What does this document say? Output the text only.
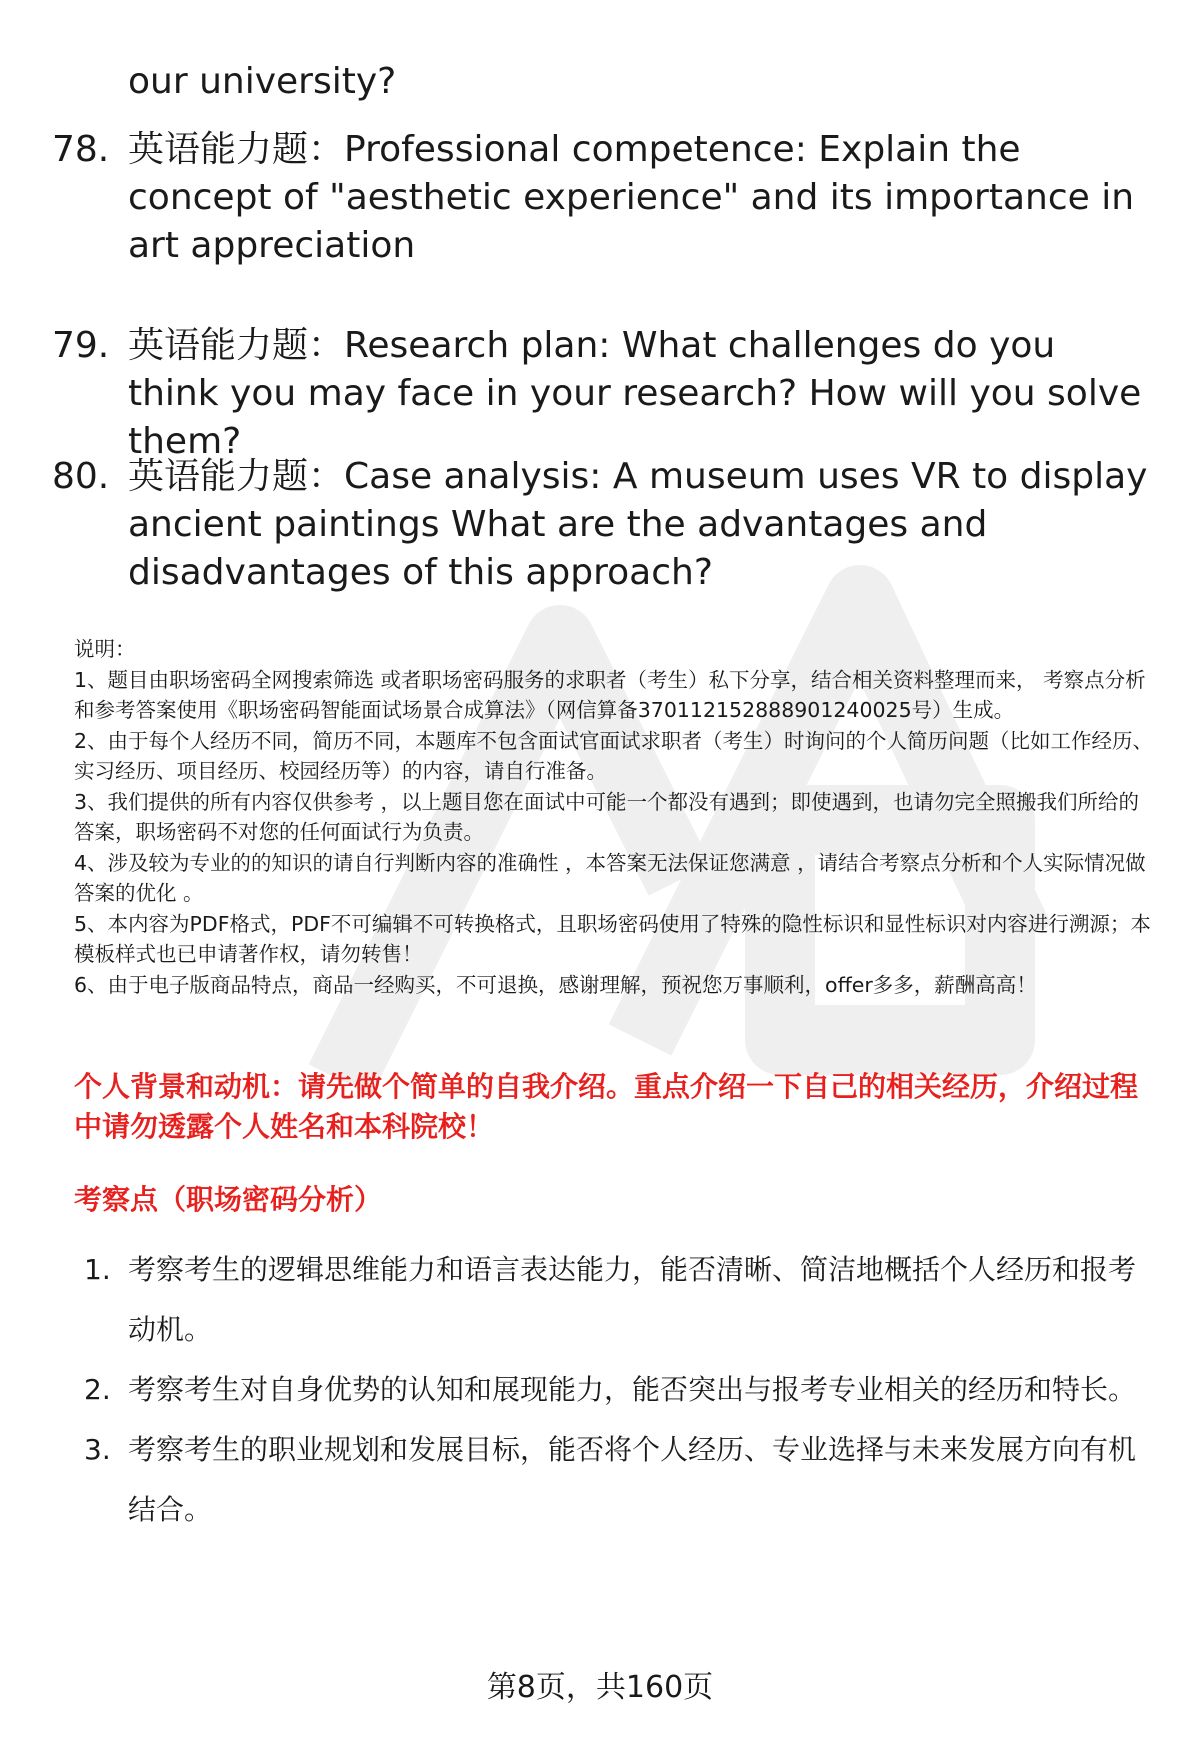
our university?
78. 英语能力题：Professional competence: Explain the concept of "aesthetic experience" and its importance in art appreciation
79. 英语能力题：Research plan: What challenges do you think you may face in your research? How will you solve them?
80. 英语能力题：Case analysis: A museum uses VR to display ancient paintings What are the advantages and disadvantages of this approach?

说明：

1、题目由职场密码全网搜索筛选 或者职场密码服务的求职者（考生）私下分享，结合相关资料整理而来， 考察点分析和参考答案使用《职场密码智能面试场景合成算法》（网信算备370112152888901240025号）生成。

2、由于每个人经历不同，简历不同，本题库不包含面试官面试求职者（考生）时询问的个人简历问题（比如工作经历、实习经历、项目经历、校园经历等）的内容，请自行准备。

3、我们提供的所有内容仅供参考 ，以上题目您在面试中可能一个都没有遇到；即使遇到，也请勿完全照搬我们所给的答案，职场密码不对您的任何面试行为负责。

4、涉及较为专业的的知识的请自行判断内容的准确性 ，本答案无法保证您满意 ，请结合考察点分析和个人实际情况做答案的优化 。

5、本内容为PDF格式，PDF不可编辑不可转换格式，且职场密码使用了特殊的隐性标识和显性标识对内容进行溯源；本模板样式也已申请著作权，请勿转售！

6、由于电子版商品特点，商品一经购买，不可退换，感谢理解，预祝您万事顺利，offer多多，薪酬高高！

个人背景和动机：请先做个简单的自我介绍。重点介绍一下自己的相关经历，介绍过程中请勿透露个人姓名和本科院校！
考察点（职场密码分析）
1. 考察考生的逻辑思维能力和语言表达能力，能否清晰、简洁地概括个人经历和报考动机。
2. 考察考生对自身优势的认知和展现能力，能否突出与报考专业相关的经历和特长。
3. 考察考生的职业规划和发展目标，能否将个人经历、专业选择与未来发展方向有机结合。
第8页，共160页
